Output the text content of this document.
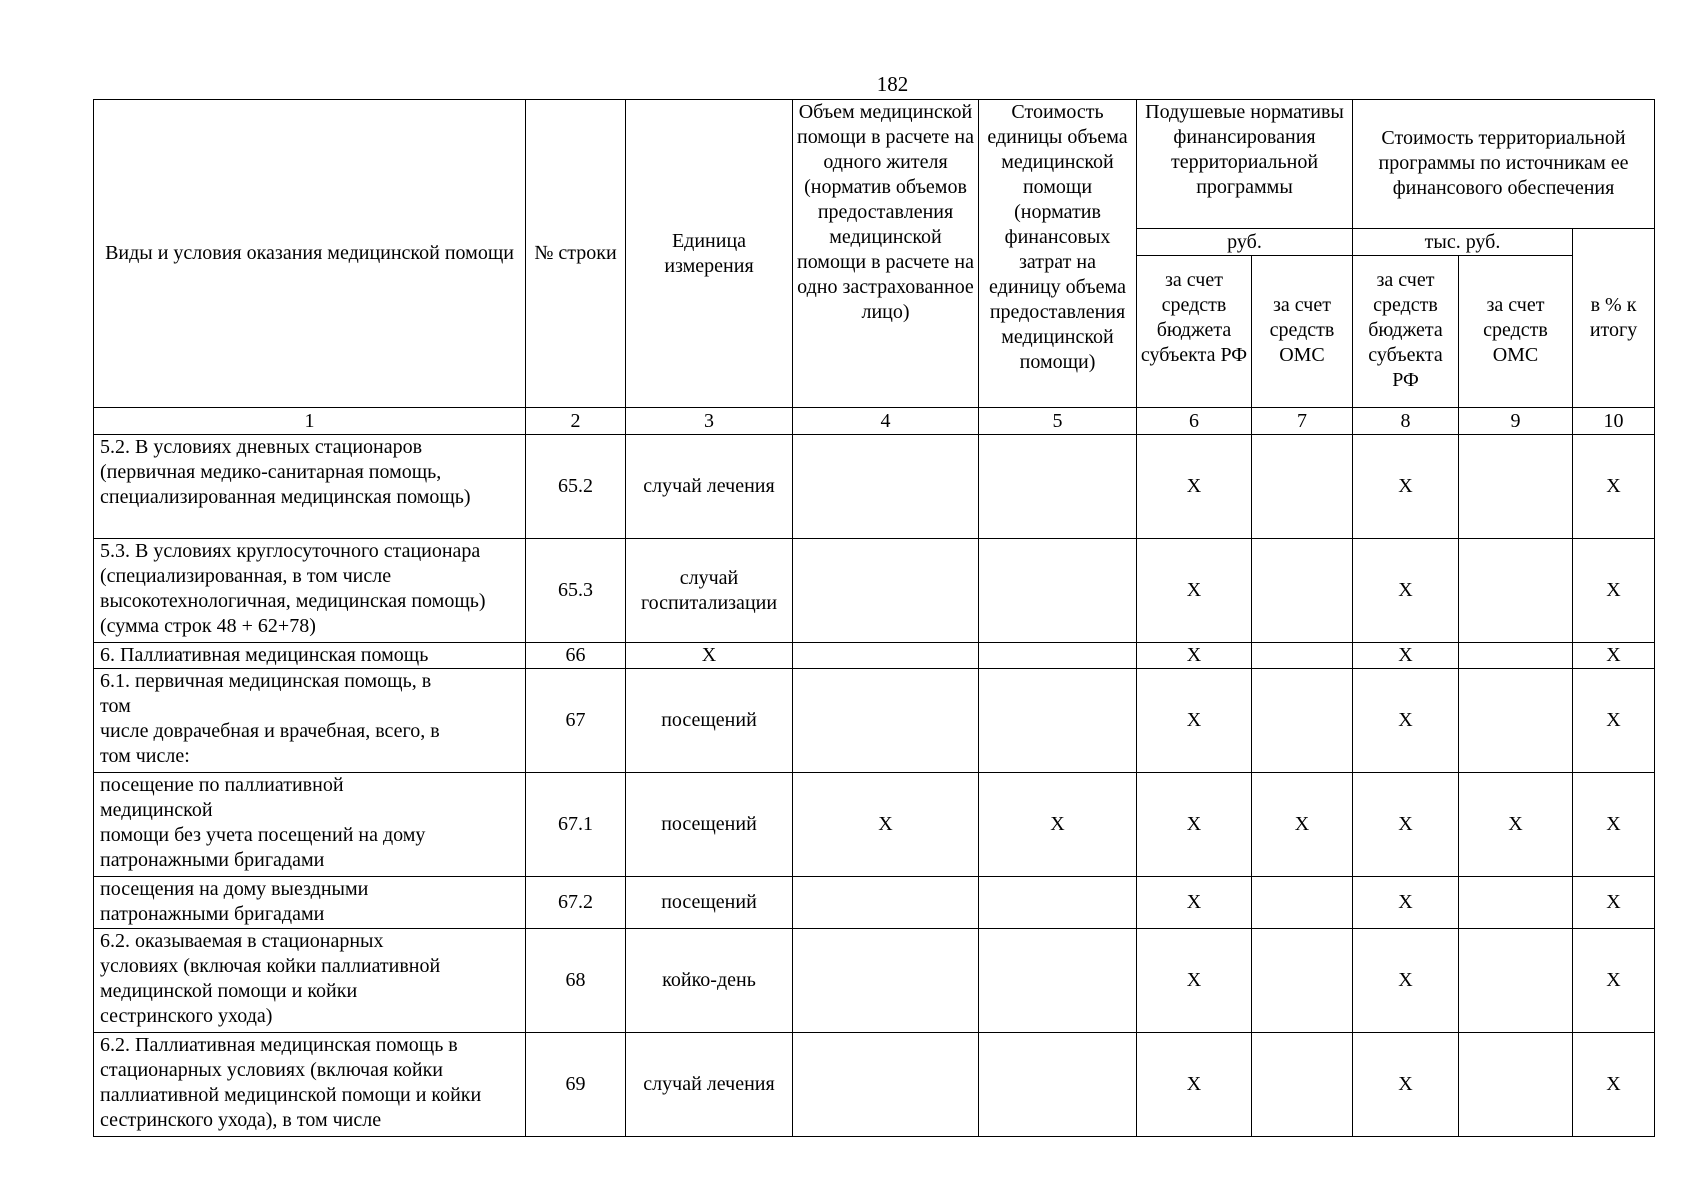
182
Виды и условия оказания медицинской помощи	№ строки	Единица измерения	Объем медицинской помощи в расчете на одного жителя (норматив объемов предоставления медицинской помощи в расчете на одно застрахованное лицо)	Стоимость единицы объема медицинской помощи (норматив финансовых затрат на единицу объема предоставления медицинской помощи)	Подушевые нормативы финансирования территориальной программы		Стоимость территориальной программы по источникам ее финансового обеспечения		
					руб.		тыс. руб.		в % к итогу
					за счет средств бюджета субъекта РФ	за счет средств ОМС	за счет средств бюджета субъекта РФ	за счет средств ОМС	
1	2	3	4	5	6	7	8	9	10
5.2. В условиях дневных стационаров (первичная медико-санитарная помощь, специализированная медицинская помощь)	65.2	случай лечения			X		X		X
5.3. В условиях круглосуточного стационара (специализированная, в том числе высокотехнологичная, медицинская помощь) (сумма строк 48 + 62+78)	65.3	случай госпитализации			X		X		X
6. Паллиативная медицинская помощь	66	X			X		X		X
6.1. первичная медицинская помощь, в
том
числе доврачебная и врачебная, всего, в
том числе:	67	посещений			X		X		X
посещение по паллиативной
медицинской
помощи без учета посещений на дому
патронажными бригадами	67.1	посещений	X	X	X	X	X	X	X
посещения на дому выездными
патронажными бригадами	67.2	посещений			X		X		X
6.2. оказываемая в стационарных
условиях (включая койки паллиативной
медицинской помощи и койки
сестринского ухода)	68	койко-день			X		X		X
6.2. Паллиативная медицинская помощь в стационарных условиях (включая койки паллиативной медицинской помощи и койки сестринского ухода), в том числе	69	случай лечения			X		X		X
